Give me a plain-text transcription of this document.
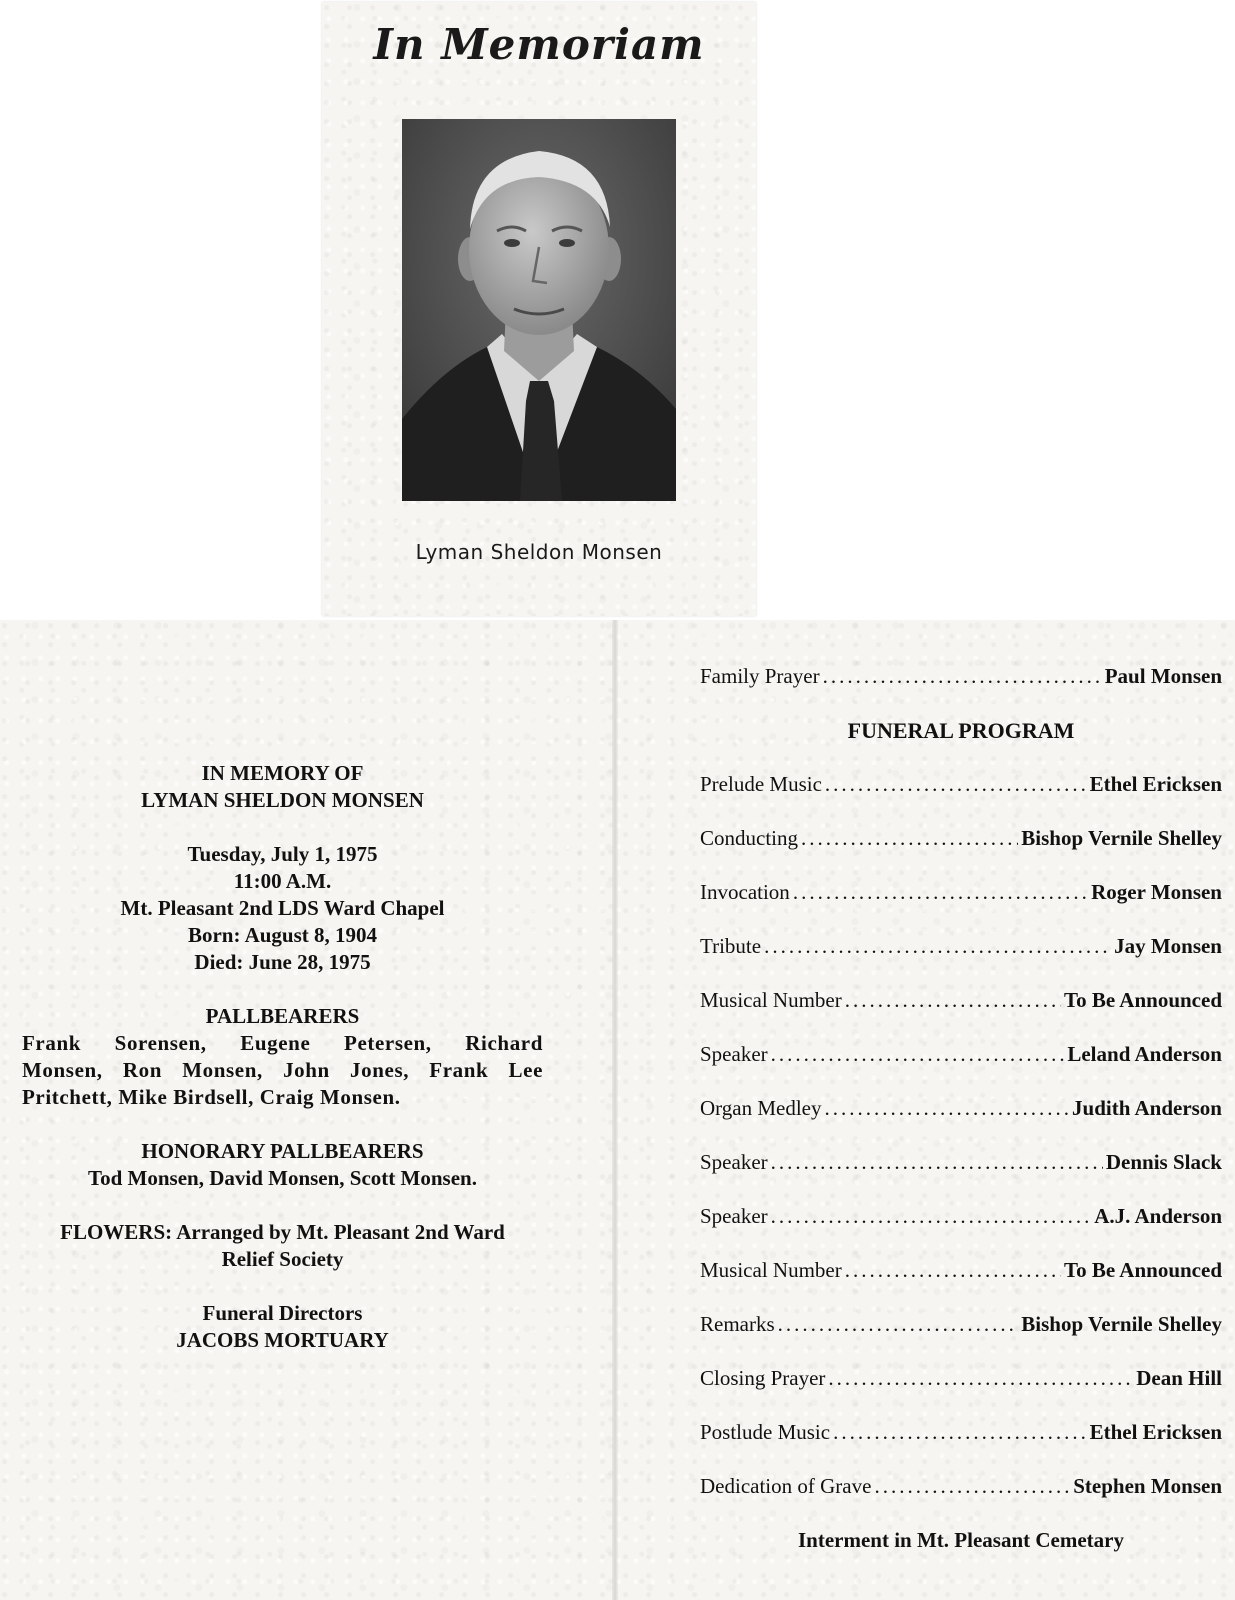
In Memoriam
Lyman Sheldon Monsen

IN MEMORY OF

LYMAN SHELDON MONSEN

Tuesday, July 1, 1975

11:00 A.M.

Mt. Pleasant 2nd LDS Ward Chapel

Born: August 8, 1904

Died: June 28, 1975

PALLBEARERS

Frank Sorensen, Eugene Petersen, Richard

Monsen, Ron Monsen, John Jones, Frank Lee

Pritchett, Mike Birdsell, Craig Monsen.

HONORARY PALLBEARERS

Tod Monsen, David Monsen, Scott Monsen.

FLOWERS: Arranged by Mt. Pleasant 2nd Ward

Relief Society

Funeral Directors

JACOBS MORTUARY

Family Prayer .....	Paul Monsen
FUNERAL PROGRAM
Prelude Music .....	Ethel Ericksen
Conducting .....	Bishop Vernile Shelley
Invocation .....	Roger Monsen
Tribute .....	Jay Monsen
Musical Number .....	To Be Announced
Speaker .....	Leland Anderson
Organ Medley .....	Judith Anderson
Speaker .....	Dennis Slack
Speaker .....	A.J. Anderson
Musical Number .....	To Be Announced
Remarks .....	Bishop Vernile Shelley
Closing Prayer .....	Dean Hill
Postlude Music .....	Ethel Ericksen
Dedication of Grave .....	Stephen Monsen
Interment in Mt. Pleasant Cemetary
